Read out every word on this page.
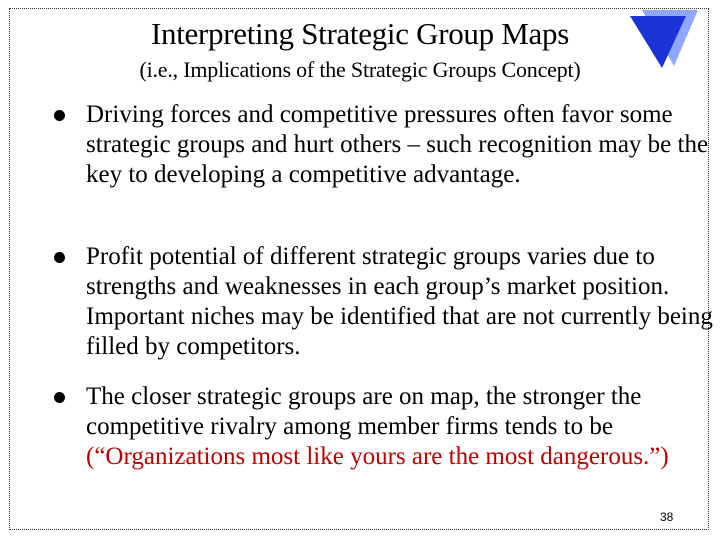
Interpreting Strategic Group Maps
(i.e., Implications of the Strategic Groups Concept)
Driving forces and competitive pressures often favor some strategic groups and hurt others – such recognition may be the key to developing a competitive advantage.
Profit potential of different strategic groups varies due to strengths and weaknesses in each group’s market position. Important niches may be identified that are not currently being filled by competitors.
The closer strategic groups are on map, the stronger the competitive rivalry among member firms tends to be (“Organizations most like yours are the most dangerous.”)
38
